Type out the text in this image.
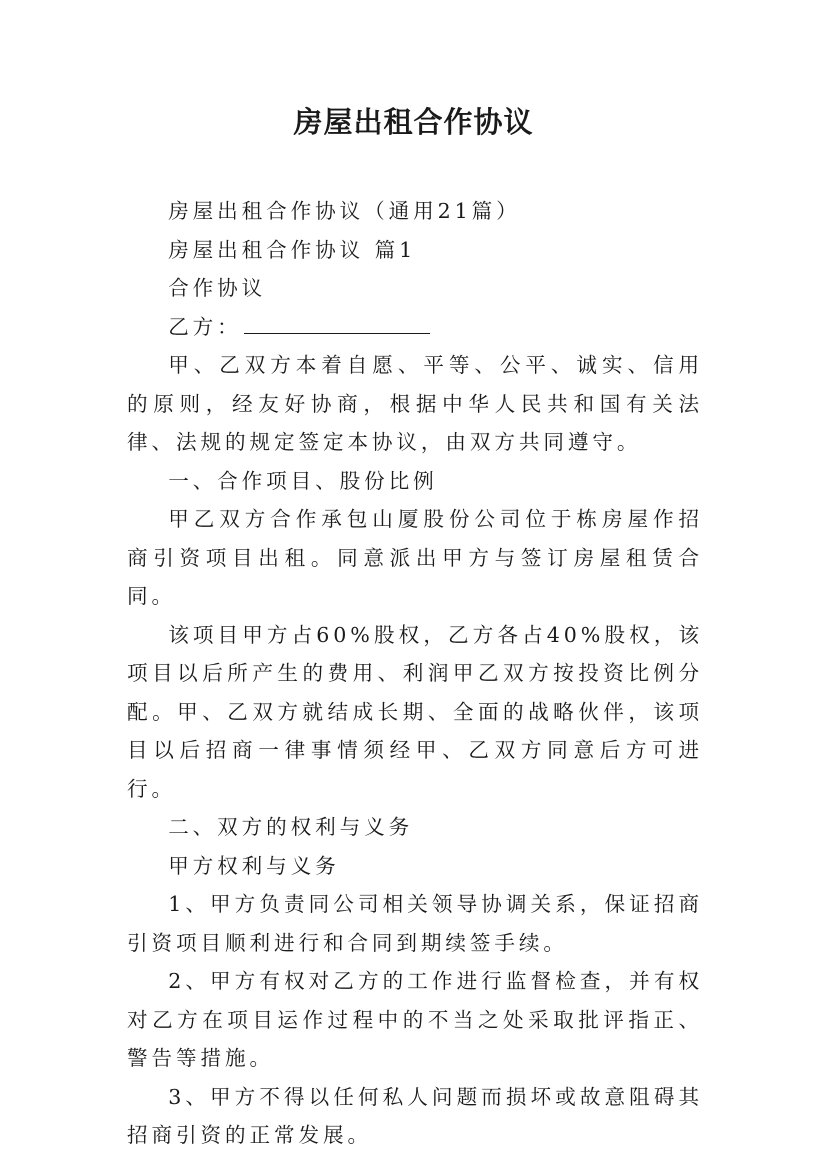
房屋出租合作协议

房屋出租合作协议（通用21篇）

房屋出租合作协议 篇1

合作协议

乙方：

甲、乙双方本着自愿、平等、公平、诚实、信用的原则，经友好协商，根据中华人民共和国有关法律、法规的规定签定本协议，由双方共同遵守。

一、合作项目、股份比例

甲乙双方合作承包山厦股份公司位于栋房屋作招商引资项目出租。同意派出甲方与签订房屋租赁合同。

该项目甲方占60%股权，乙方各占40%股权，该项目以后所产生的费用、利润甲乙双方按投资比例分配。甲、乙双方就结成长期、全面的战略伙伴，该项目以后招商一律事情须经甲、乙双方同意后方可进行。

二、双方的权利与义务

甲方权利与义务

1、甲方负责同公司相关领导协调关系，保证招商引资项目顺利进行和合同到期续签手续。

2、甲方有权对乙方的工作进行监督检查，并有权对乙方在项目运作过程中的不当之处采取批评指正、警告等措施。

3、甲方不得以任何私人问题而损坏或故意阻碍其招商引资的正常发展。
